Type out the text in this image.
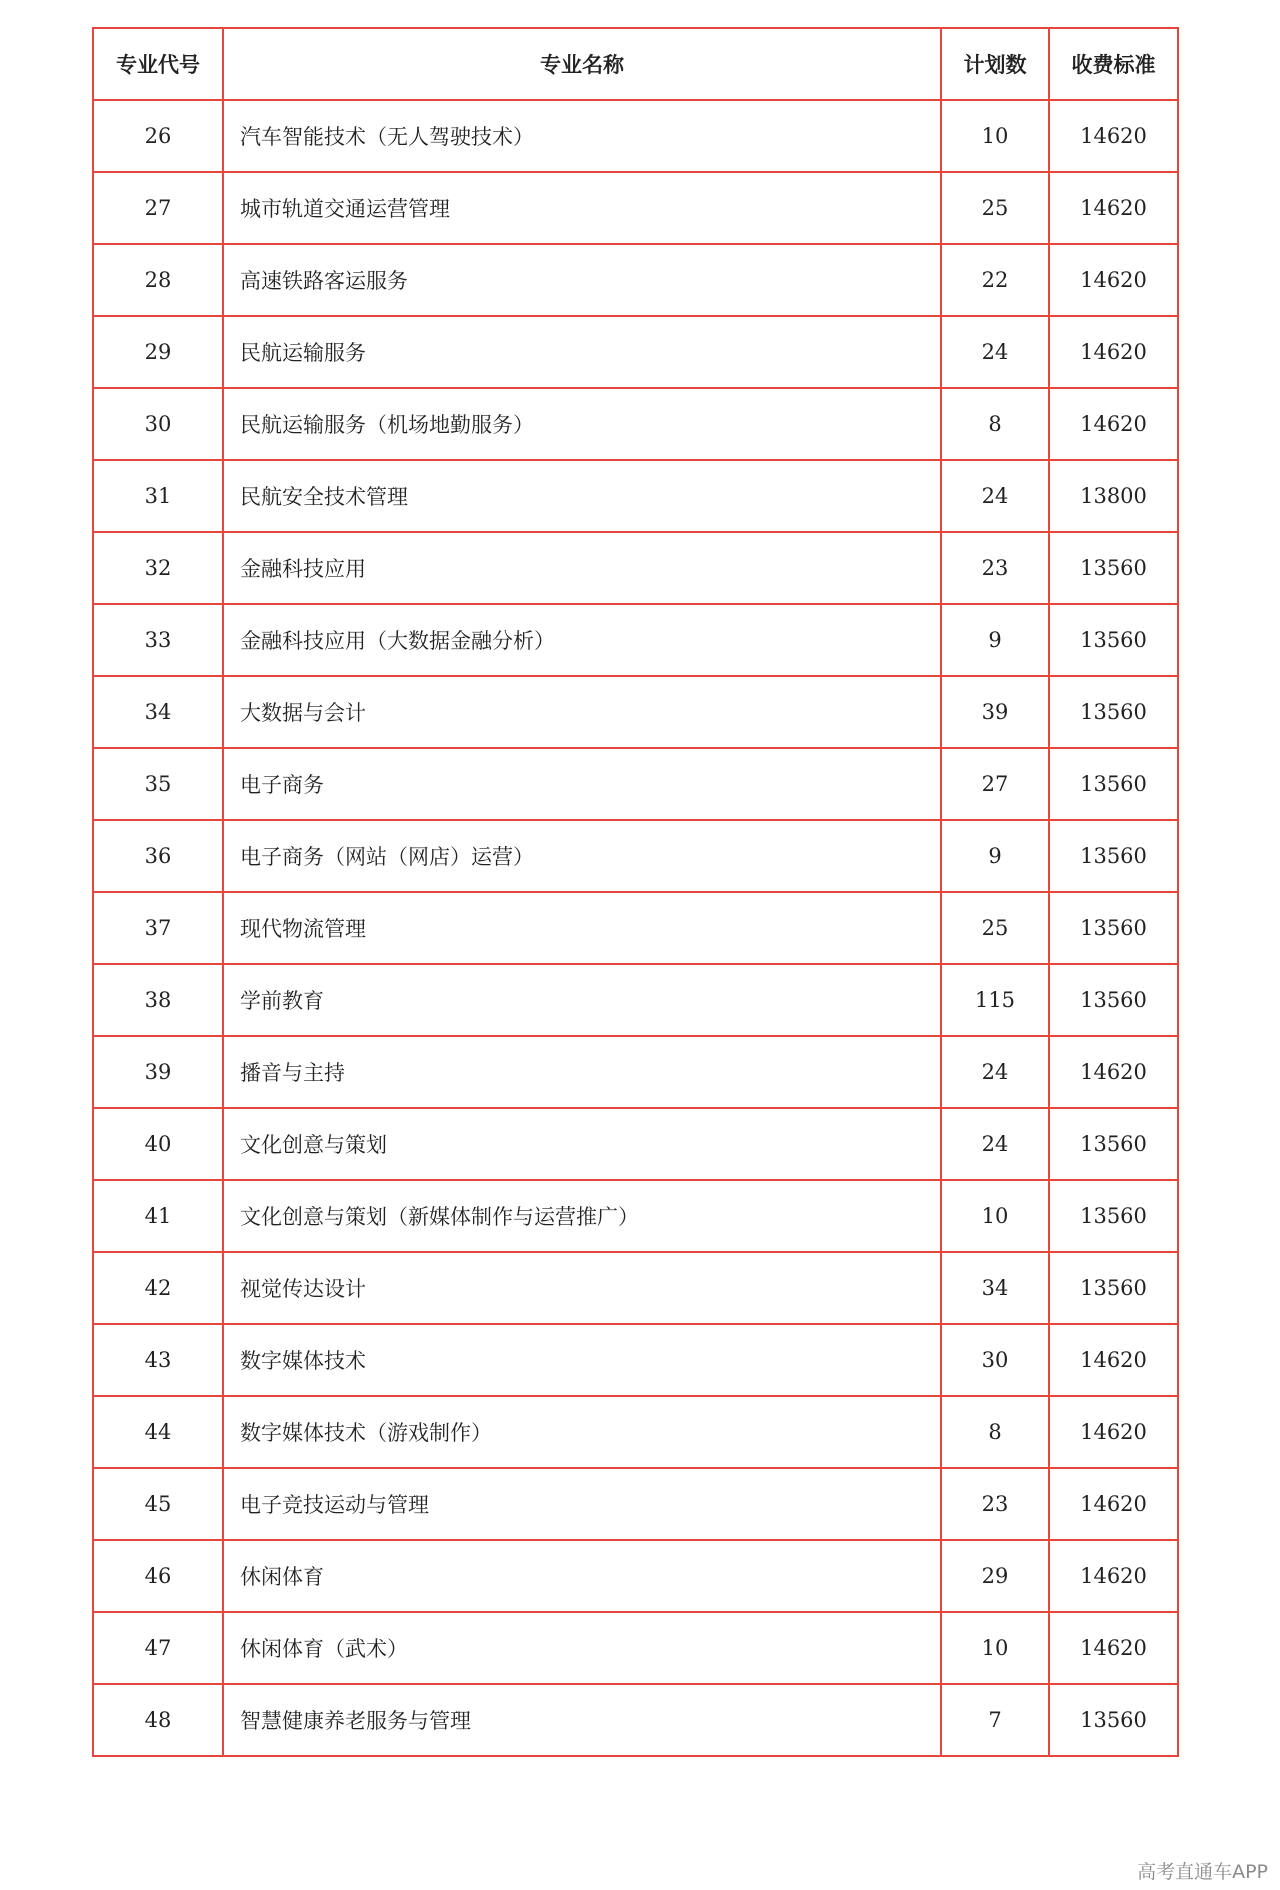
专业代号	专业名称	计划数	收费标准
26	汽车智能技术（无人驾驶技术）	10	14620
27	城市轨道交通运营管理	25	14620
28	高速铁路客运服务	22	14620
29	民航运输服务	24	14620
30	民航运输服务（机场地勤服务）	8	14620
31	民航安全技术管理	24	13800
32	金融科技应用	23	13560
33	金融科技应用（大数据金融分析）	9	13560
34	大数据与会计	39	13560
35	电子商务	27	13560
36	电子商务（网站（网店）运营）	9	13560
37	现代物流管理	25	13560
38	学前教育	115	13560
39	播音与主持	24	14620
40	文化创意与策划	24	13560
41	文化创意与策划（新媒体制作与运营推广）	10	13560
42	视觉传达设计	34	13560
43	数字媒体技术	30	14620
44	数字媒体技术（游戏制作）	8	14620
45	电子竞技运动与管理	23	14620
46	休闲体育	29	14620
47	休闲体育（武术）	10	14620
48	智慧健康养老服务与管理	7	13560
高考直通车APP
